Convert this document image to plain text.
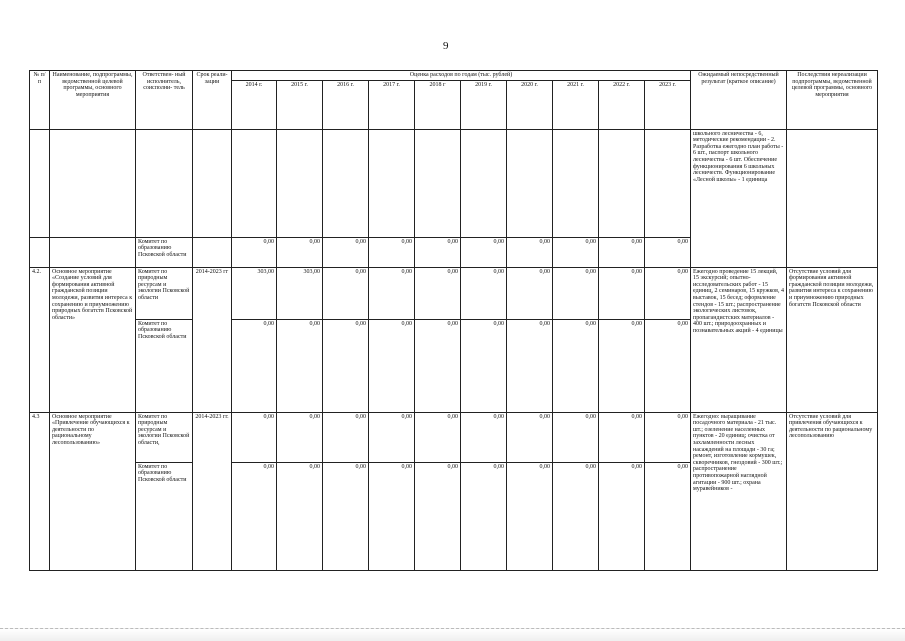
9
№ п/п	Наименование, подпрограммы, ведомственной целевой программы, основного мероприятия	Ответствен- ный исполнитель, соисполни- тель	Срок реали- зации	Оценка расходов по годам (тыс. рублей)										Ожидаемый непосредственный результат (краткое описание)	Последствия нереализации подпрограммы, ведомственной целевой программы, основного мероприятия
				2014 г.	2015 г.	2016 г.	2017 г.	2018 г	2019 г.	2020 г.	2021 г.	2022 г.	2023 г.		
														школьного лесничества - 6, методические рекомендации - 2. Разработка ежегодно план работы - 6 шт., паспорт школьного лесничества - 6 шт. Обеспечение функционирования 6 школьных лесничеств. Функционирование «Лесной школы» - 1 единица	
		Комитет по образованию Псковской области		0,00	0,00	0,00	0,00	0,00	0,00	0,00	0,00	0,00	0,00		
4.2.	Основное мероприятие «Создание условий для формирования активной гражданской позиции молодежи, развития интереса к сохранению и приумножению природных богатств Псковской области»	Комитет по природным ресурсам и экологии Псковской области	2014-2023 гг	303,00	303,00	0,00	0,00	0,00	0,00	0,00	0,00	0,00	0,00	Ежегодно проведение 15 лекций, 15 экскурсий; опытно-исследовательских работ - 15 единиц, 2 семинаров, 15 кружков, 4 выставок, 15 бесед; оформление стендов - 15 шт.; распространение экологических листовок, пропагандистских материалов - 400 шт.; природоохранных и познавательных акций - 4 единицы	Отсутствие условий для формирования активной гражданской позиции молодежи, развития интереса к сохранению и приумножению природных богатств Псковской области
		Комитет по образованию Псковской области		0,00	0,00	0,00	0,00	0,00	0,00	0,00	0,00	0,00	0,00		
4.3	Основное мероприятие «Привлечение обучающихся к деятельности по рациональному лесопользованию»	Комитет по природным ресурсам и экологии Псковской области,	2014-2023 гг.	0,00	0,00	0,00	0,00	0,00	0,00	0,00	0,00	0,00	0,00	Ежегодно: выращивание посадочного материала - 21 тыс. шт.; озеленение населенных пунктов - 20 единиц; очистка от захламленности лесных насаждений на площади - 30 га; ремонт, изготовление кормушек, скворечников, гнездовий - 300 шт.; распространение противопожарной наглядной агитации - 900 шт.; охрана муравейников -	Отсутствие условий для привлечения обучающихся к деятельности по рациональному лесопользованию
		Комитет по образованию Псковской области		0,00	0,00	0,00	0,00	0,00	0,00	0,00	0,00	0,00	0,00		
